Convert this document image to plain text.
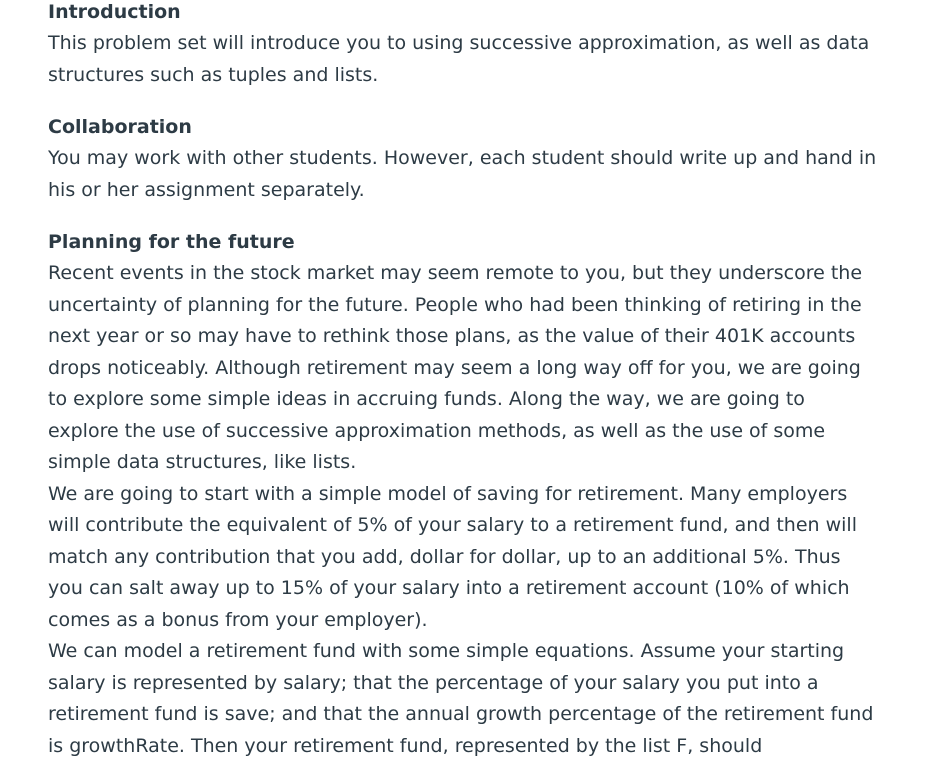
Introduction

This problem set will introduce you to using successive approximation, as well as data structures such as tuples and lists.

Collaboration

You may work with other students. However, each student should write up and hand in his or her assignment separately.

Planning for the future

Recent events in the stock market may seem remote to you, but they underscore the uncertainty of planning for the future. People who had been thinking of retiring in the next year or so may have to rethink those plans, as the value of their 401K accounts drops noticeably. Although retirement may seem a long way off for you, we are going to explore some simple ideas in accruing funds. Along the way, we are going to explore the use of successive approximation methods, as well as the use of some simple data structures, like lists.

We are going to start with a simple model of saving for retirement. Many employers will contribute the equivalent of 5% of your salary to a retirement fund, and then will match any contribution that you add, dollar for dollar, up to an additional 5%. Thus you can salt away up to 15% of your salary into a retirement account (10% of which comes as a bonus from your employer).

We can model a retirement fund with some simple equations. Assume your starting salary is represented by salary; that the percentage of your salary you put into a retirement fund is save; and that the annual growth percentage of the retirement fund is growthRate. Then your retirement fund, represented by the list F, should
